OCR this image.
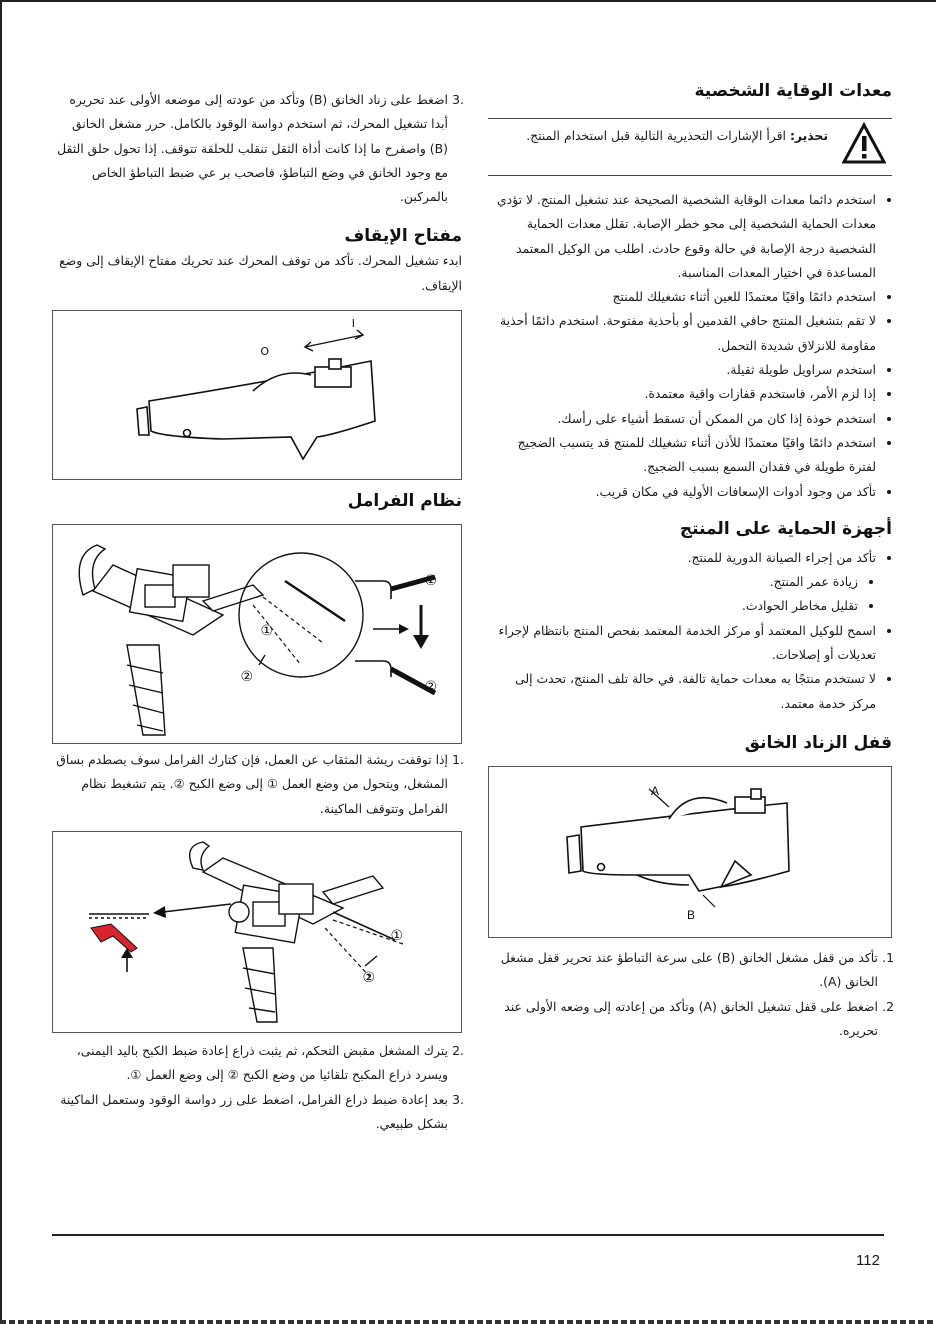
معدات الوقاية الشخصية
تحذير: اقرأ الإشارات التحذيرية التالية قبل استخدام المنتج.
• استخدم دائما معدات الوقاية الشخصية الصحيحة عند تشغيل المنتج. لا تؤدي معدات الحماية الشخصية إلى محو خطر الإصابة. تقلل معدات الحماية الشخصية درجة الإصابة في حالة وقوع حادث. اطلب من الوكيل المعتمد المساعدة في اختيار المعدات المناسبة.
• استخدم دائمًا واقيًا معتمدًا للعين أثناء تشغيلك للمنتج
• لا تقم بتشغيل المنتج حافي القدمين أو بأحذية مفتوحة. استخدم دائمًا أحذية مقاومة للانزلاق شديدة التحمل.
• استخدم سراويل طويلة ثقيلة.
• إذا لزم الأمر، فاستخدم قفازات واقية معتمدة.
• استخدم خوذة إذا كان من الممكن أن تسقط أشياء على رأسك.
• استخدم دائمًا واقيًا معتمدًا للأذن أثناء تشغيلك للمنتج قد يتسبب الضجيج لفترة طويلة في فقدان السمع بسبب الضجيج.
• تأكد من وجود أدوات الإسعافات الأولية في مكان قريب.
أجهزة الحماية على المنتج
• تأكد من إجراء الصيانة الدورية للمنتج.
• زيادة عمر المنتج.
• تقليل مخاطر الحوادث.
• اسمح للوكيل المعتمد أو مركز الخدمة المعتمد بفحص المنتج بانتظام لإجراء تعديلات أو إصلاحات.
• لا تستخدم منتجًا به معدات حماية تالفة. في حالة تلف المنتج، تحدث إلى مركز خدمة معتمد.
قفل الزناد الخانق
A
B
.1
تأكد من قفل مشغل الخانق (B) على سرعة التباطؤ عند تحرير قفل مشغل الخانق (A).
.2
اضغط على قفل تشغيل الخانق (A) وتأكد من إعادته إلى وضعه الأولى عند تحريره.
3.
اضغط على زناد الخانق (B) وتأكد من عودته إلى موضعه الأولى عند تحريره أبدا تشغيل المحرك، ثم استخدم دواسة الوقود بالكامل. حرر مشغل الخانق (B) واصفرح ما إذا كانت أداة الثقل تنقلب للحلقة تتوقف. إذا تحول حلق الثقل مع وجود الخانق في وضع التباطؤ، فاصحب بر عي ضبط التباطؤ الخاص بالمركبن.
مفتاح الإيقاف

ابدء تشغيل المحرك. تأكد من توقف المحرك عند تحريك مفتاح الإيقاف إلى وضع الإيقاف.

I
O
نظام الفرامل
①
②
①
②
1.
إذا توقفت ريشة المثقاب عن العمل، فإن كتارك الفرامل سوف يصطدم بساق المشغل، ويتحول من وضع العمل ① إلى وضع الكبح ②. يتم تشغيط نظام الفرامل وتتوقف الماكينة.
①
②
2.
يترك المشغل مقبض التحكم، ثم يثبت ذراع إعادة ضبط الكبح باليد اليمنى، ويسرد ذراع المكبح تلقائيا من وضع الكبح ② إلى وضع العمل ①.
3.
بعد إعادة ضبط ذراع الفرامل، اضغط على زر دواسة الوقود وستعمل الماكينة بشكل طبيعي.
112
